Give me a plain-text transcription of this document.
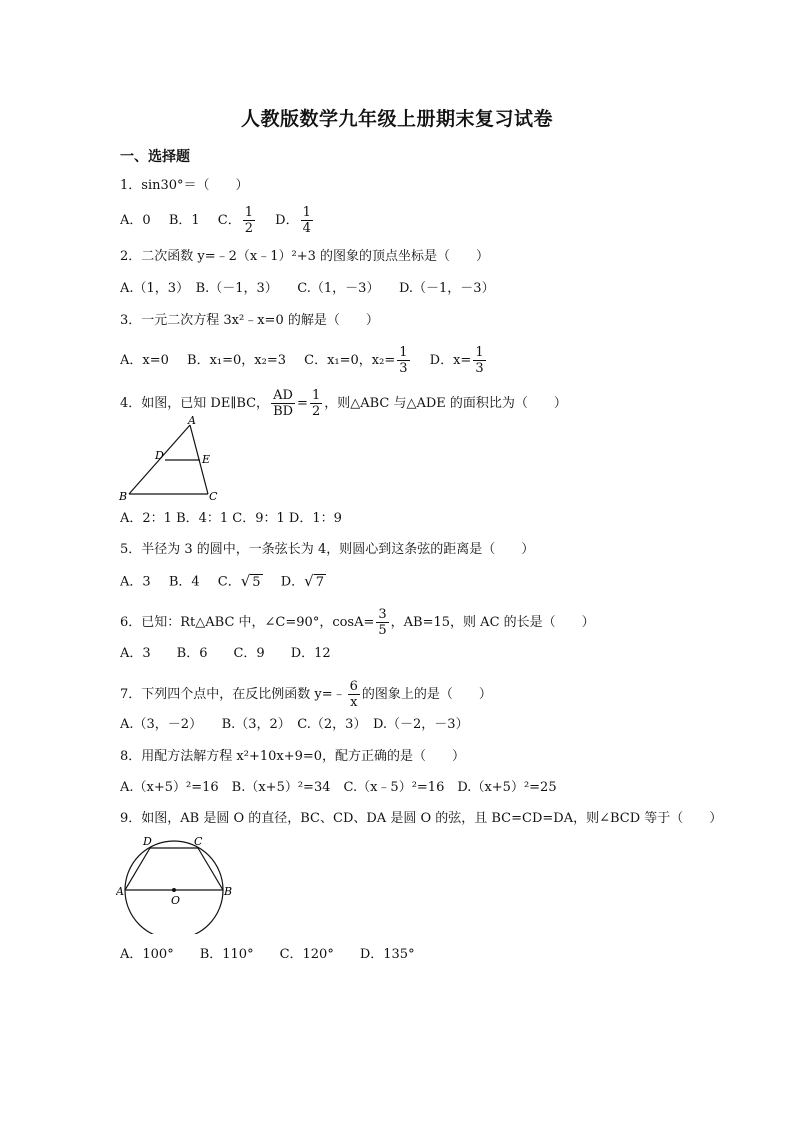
人教版数学九年级上册期末复习试卷
一、选择题
1．sin30°＝（　　）
A．0 B．1 C． $\frac{1}{2}$ D． $\frac{1}{4}$
2．二次函数 y=﹣2（x﹣1）²+3 的图象的顶点坐标是（　　）
A.（1，3）　B.（－1，3）　　C.（1，－3）　　D.（－1，－3）
3．一元二次方程 3x²﹣x=0 的解是（　　）
A．x=0 B．x₁=0，x₂=3 C．x₁=0，$x_2= \frac{1}{3}$ D．$x= \frac{1}{3}$
4．如图，已知 DE∥BC， $\frac{AD}{BD} = \frac{1}{2}$ ，则△ABC 与△ADE 的面积比为（　　）
A
B	C
D	E
A．2：1 B．4：1 C．9：1 D．1：9
5．半径为 3 的圆中，一条弦长为 4，则圆心到这条弦的距离是（　　）
A．3 B．4 C．√ 5 D．√ 7
6．已知：Rt△ABC 中，∠C=90°，$\cos A= \frac{3}{5}$ ，AB=15，则 AC 的长是（　　）
A．3　　B．6　　C．9　　D．12
7．下列四个点中，在反比例函数 y=﹣ $\frac{6}{x}$ 的图象上的是（　　）
A.（3，－2）　　B.（3，2）　C.（2，3）　D.（－2，－3）
8．用配方法解方程 x²+10x+9=0，配方正确的是（　　）
A.（x+5）²=16　B.（x+5）²=34　C.（x﹣5）²=16　D.（x+5）²=25
9．如图，AB 是圆 O 的直径，BC、CD、DA 是圆 O 的弦，且 BC=CD=DA，则∠BCD 等于（　　）
A	B
C
D
O
A．100°　　B．110°　　C．120°　　D．135°
